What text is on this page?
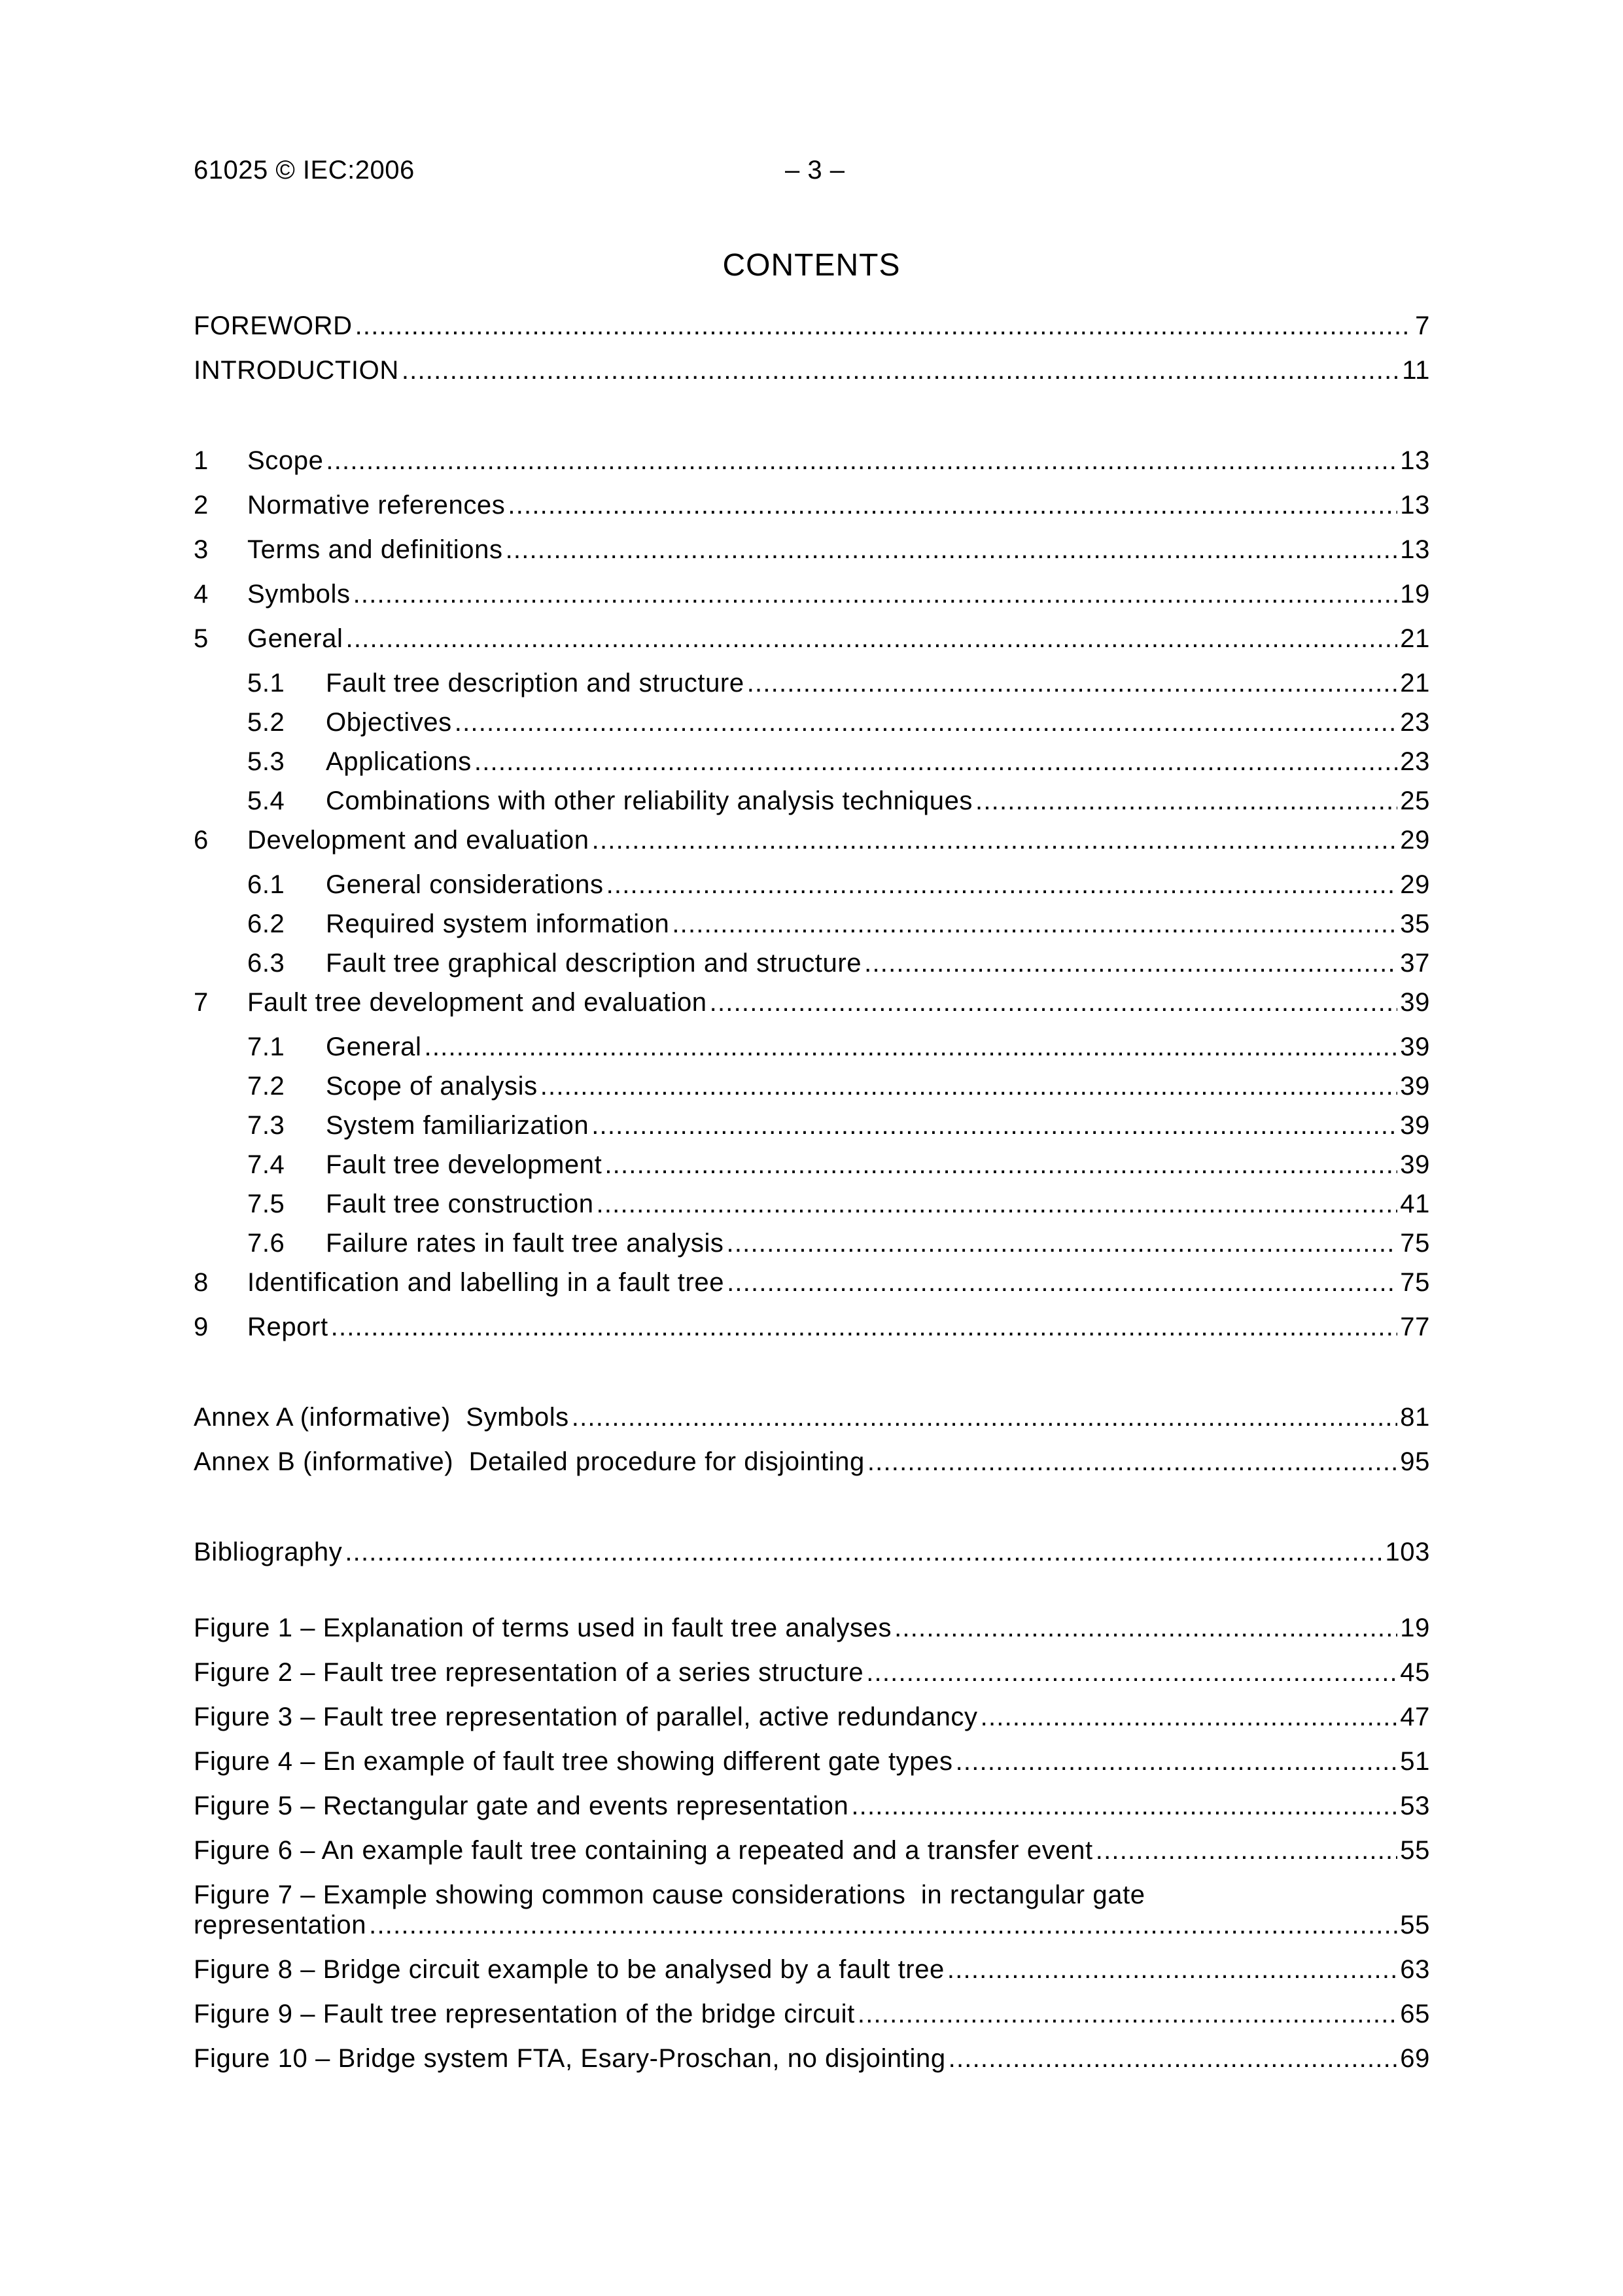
61025 © IEC:2006	– 3 –
CONTENTS
FOREWORD .....	7
INTRODUCTION .....	11
1	Scope .....	13
2	Normative references .....	13
3	Terms and definitions .....	13
4	Symbols .....	19
5	General .....	21
5.1	Fault tree description and structure .....	21
5.2	Objectives .....	23
5.3	Applications .....	23
5.4	Combinations with other reliability analysis techniques .....	25
6	Development and evaluation .....	29
6.1	General considerations .....	29
6.2	Required system information .....	35
6.3	Fault tree graphical description and structure .....	37
7	Fault tree development and evaluation .....	39
7.1	General .....	39
7.2	Scope of analysis .....	39
7.3	System familiarization .....	39
7.4	Fault tree development .....	39
7.5	Fault tree construction .....	41
7.6	Failure rates in fault tree analysis .....	75
8	Identification and labelling in a fault tree .....	75
9	Report .....	77
Annex A (informative)  Symbols .....	81
Annex B (informative)  Detailed procedure for disjointing .....	95
Bibliography .....	103
Figure 1 – Explanation of terms used in fault tree analyses .....	19
Figure 2 – Fault tree representation of a series structure .....	45
Figure 3 – Fault tree representation of parallel, active redundancy .....	47
Figure 4 – En example of fault tree showing different gate types .....	51
Figure 5 – Rectangular gate and events representation .....	53
Figure 6 – An example fault tree containing a repeated and a transfer event .....	55
Figure 7 – Example showing common cause considerations  in rectangular gate
representation .....	55
Figure 8 – Bridge circuit example to be analysed by a fault tree .....	63
Figure 9 – Fault tree representation of the bridge circuit .....	65
Figure 10 – Bridge system FTA, Esary-Proschan, no disjointing .....	69
